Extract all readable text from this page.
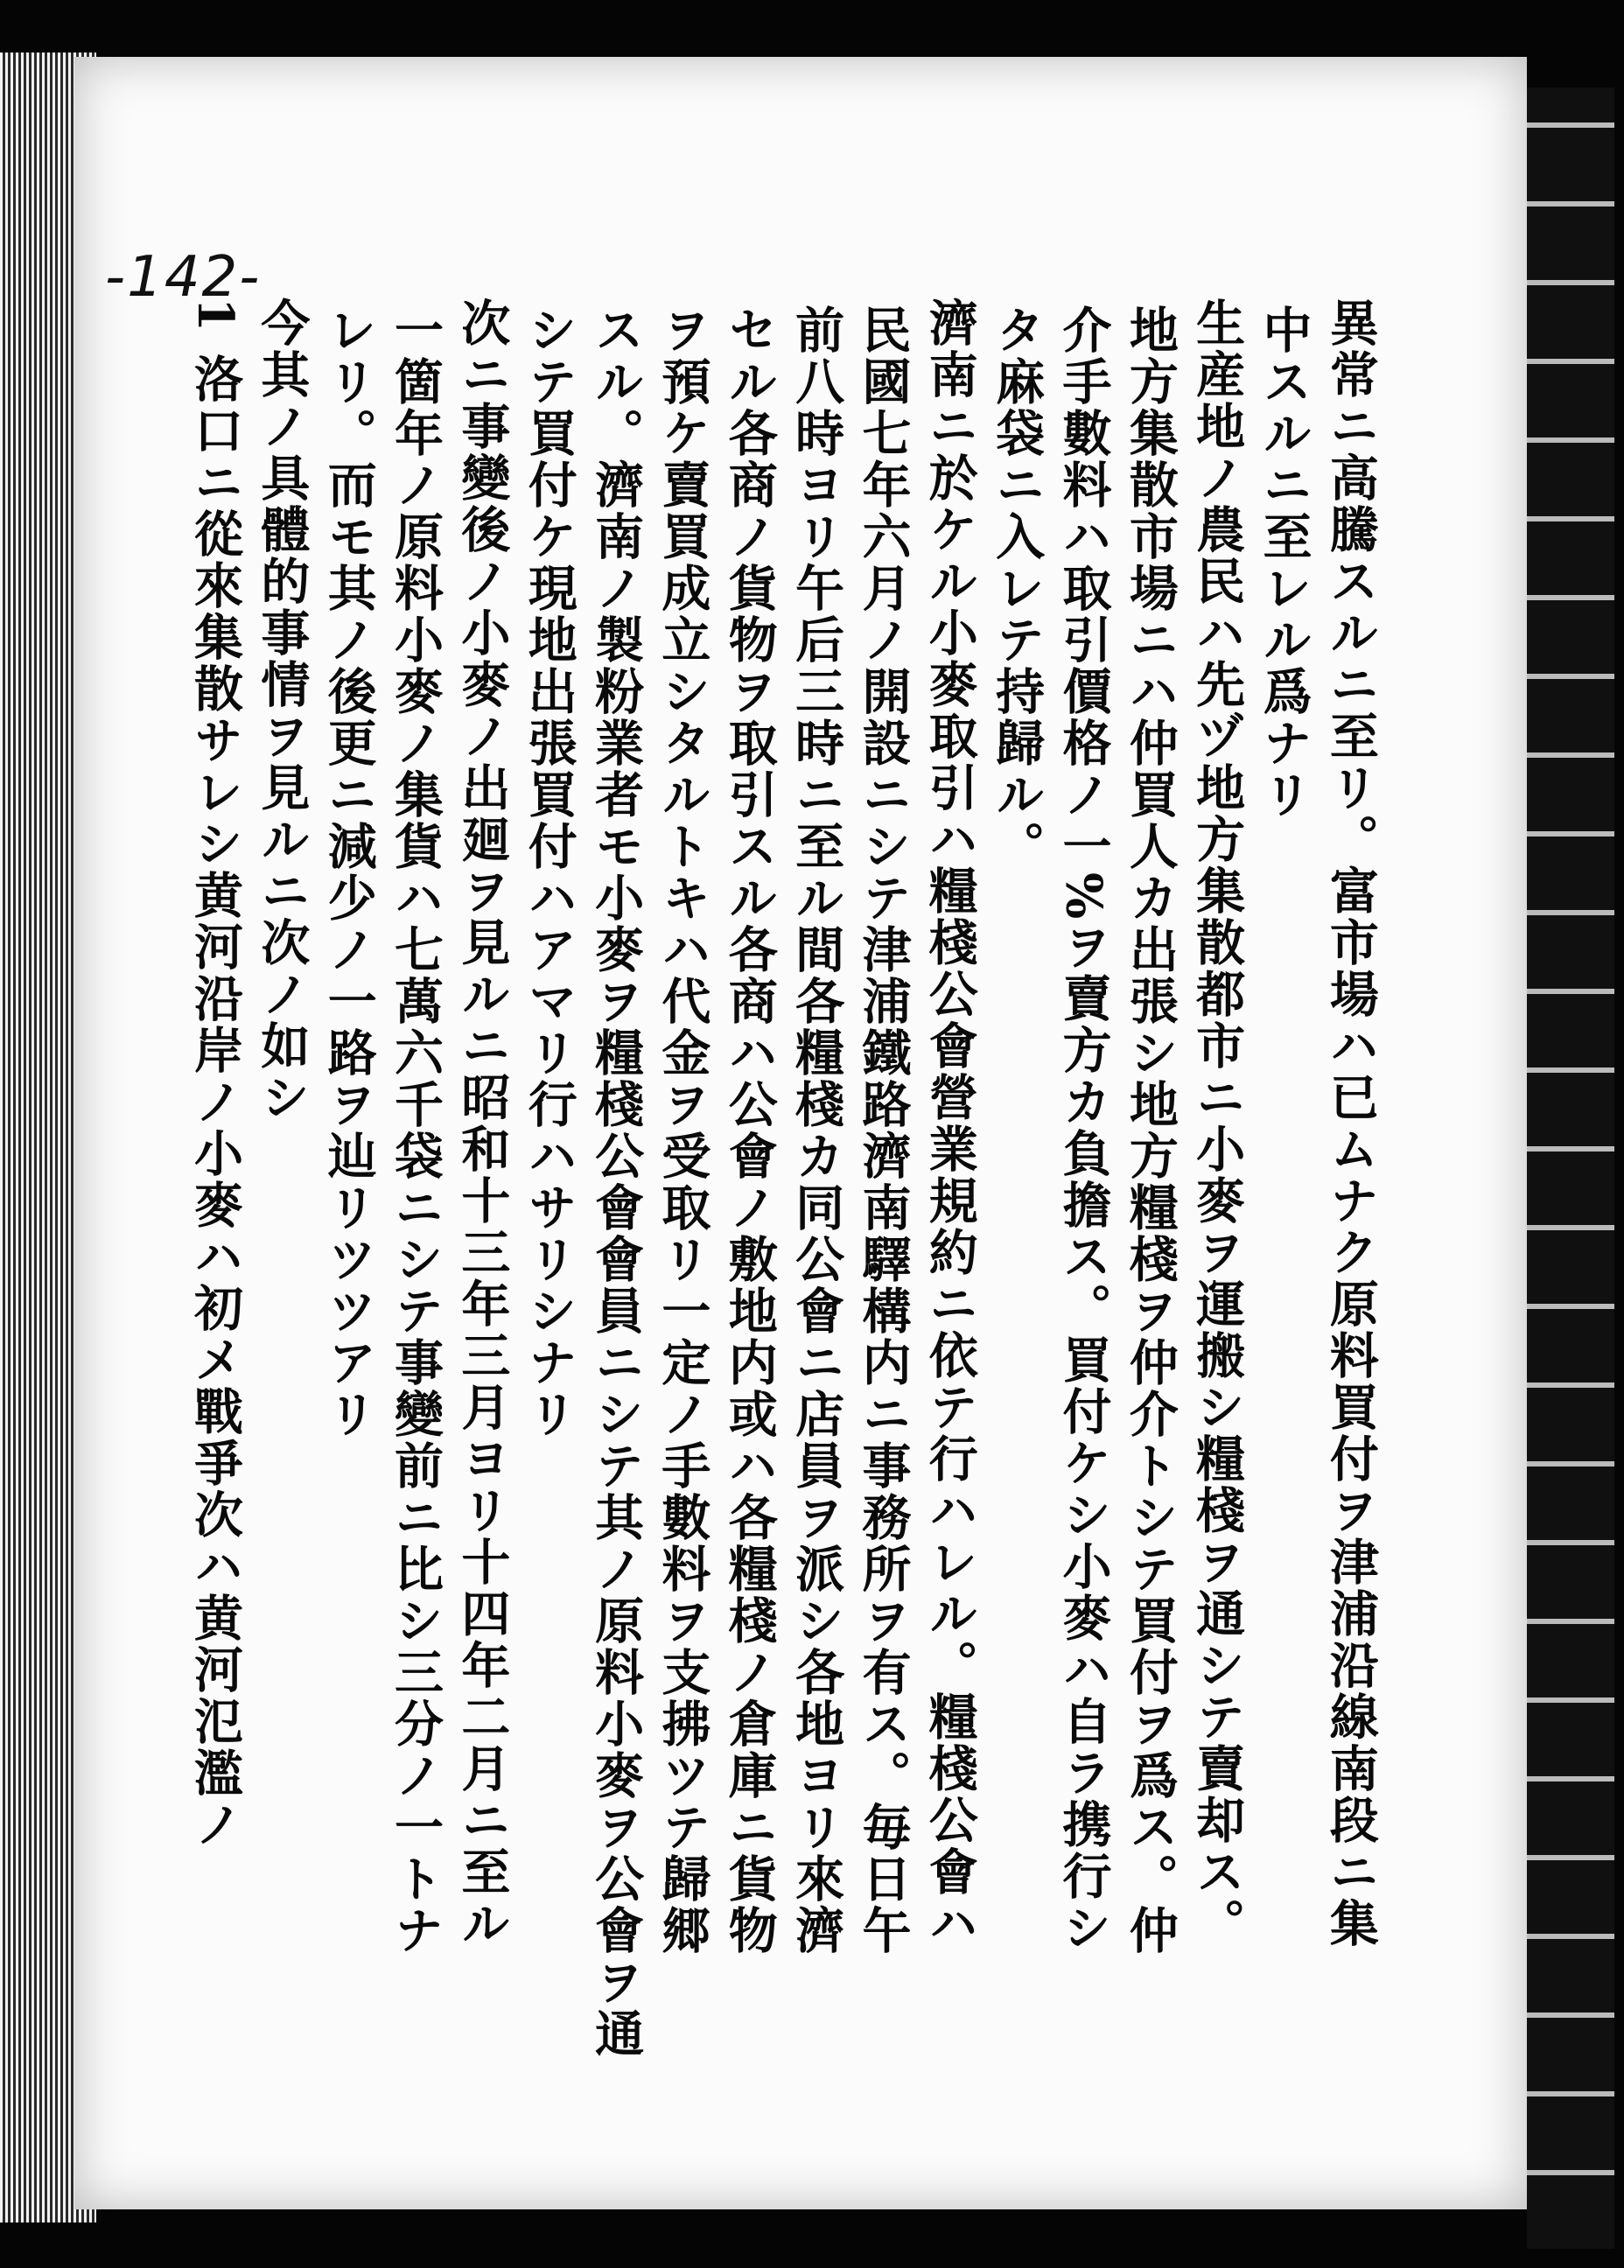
-142-
異常ニ高騰スルニ至リ。富市場ハ已ムナク原料買付ヲ津浦沿線南段ニ集
中スルニ至レル爲ナリ
生産地ノ農民ハ先ヅ地方集散都市ニ小麥ヲ運搬シ糧棧ヲ通シテ賣却ス。
地方集散市場ニハ仲買人カ出張シ地方糧棧ヲ仲介トシテ買付ヲ爲ス。仲
介手數料ハ取引價格ノ一%ヲ賣方カ負擔ス。買付ケシ小麥ハ自ラ携行シ
タ麻袋ニ入レテ持歸ル。
濟南ニ於ケル小麥取引ハ糧棧公會營業規約ニ依テ行ハレル。糧棧公會ハ
民國七年六月ノ開設ニシテ津浦鐵路濟南驛構内ニ事務所ヲ有ス。毎日午
前八時ヨリ午后三時ニ至ル間各糧棧カ同公會ニ店員ヲ派シ各地ヨリ來濟
セル各商ノ貨物ヲ取引スル各商ハ公會ノ敷地内或ハ各糧棧ノ倉庫ニ貨物
ヲ預ケ賣買成立シタルトキハ代金ヲ受取リ一定ノ手數料ヲ支拂ツテ歸郷
スル。濟南ノ製粉業者モ小麥ヲ糧棧公會會員ニシテ其ノ原料小麥ヲ公會ヲ通
シテ買付ケ現地出張買付ハアマリ行ハサリシナリ
次ニ事變後ノ小麥ノ出廻ヲ見ルニ昭和十三年三月ヨリ十四年二月ニ至ル
一箇年ノ原料小麥ノ集貨ハ七萬六千袋ニシテ事變前ニ比シ三分ノ一トナ
レリ。而モ其ノ後更ニ減少ノ一路ヲ辿リツツアリ
今其ノ具體的事情ヲ見ルニ次ノ如シ
1 洛口ニ從來集散サレシ黄河沿岸ノ小麥ハ初メ戰爭次ハ黄河氾濫ノ
